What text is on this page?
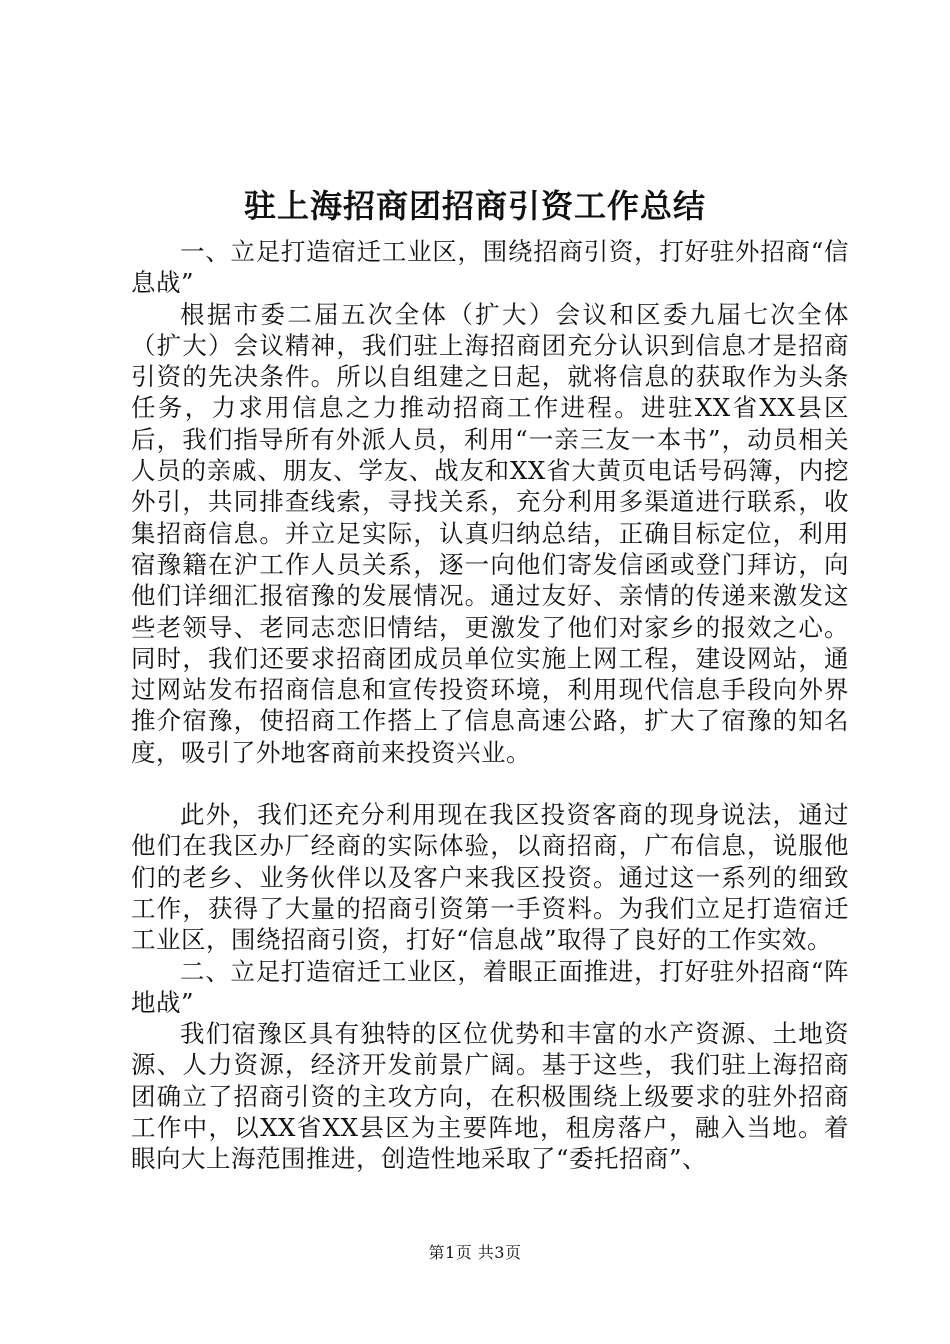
驻上海招商团招商引资工作总结

一、立足打造宿迁工业区，围绕招商引资，打好驻外招商“信息战”

根据市委二届五次全体（扩大）会议和区委九届七次全体（扩大）会议精神，我们驻上海招商团充分认识到信息才是招商引资的先决条件。所以自组建之日起，就将信息的获取作为头条任务，力求用信息之力推动招商工作进程。进驻XX省XX县区后，我们指导所有外派人员，利用“一亲三友一本书”，动员相关人员的亲戚、朋友、学友、战友和XX省大黄页电话号码簿，内挖外引，共同排查线索，寻找关系，充分利用多渠道进行联系，收集招商信息。并立足实际，认真归纳总结，正确目标定位，利用宿豫籍在沪工作人员关系，逐一向他们寄发信函或登门拜访，向他们详细汇报宿豫的发展情况。通过友好、亲情的传递来激发这些老领导、老同志恋旧情结，更激发了他们对家乡的报效之心。同时，我们还要求招商团成员单位实施上网工程，建设网站，通过网站发布招商信息和宣传投资环境，利用现代信息手段向外界推介宿豫，使招商工作搭上了信息高速公路，扩大了宿豫的知名度，吸引了外地客商前来投资兴业。

此外，我们还充分利用现在我区投资客商的现身说法，通过他们在我区办厂经商的实际体验，以商招商，广布信息，说服他们的老乡、业务伙伴以及客户来我区投资。通过这一系列的细致工作，获得了大量的招商引资第一手资料。为我们立足打造宿迁工业区，围绕招商引资，打好“信息战”取得了良好的工作实效。

二、立足打造宿迁工业区，着眼正面推进，打好驻外招商“阵地战”

我们宿豫区具有独特的区位优势和丰富的水产资源、土地资源、人力资源，经济开发前景广阔。基于这些，我们驻上海招商团确立了招商引资的主攻方向，在积极围绕上级要求的驻外招商工作中，以XX省XX县区为主要阵地，租房落户，融入当地。着眼向大上海范围推进，创造性地采取了“委托招商”、

第1页 共3页
